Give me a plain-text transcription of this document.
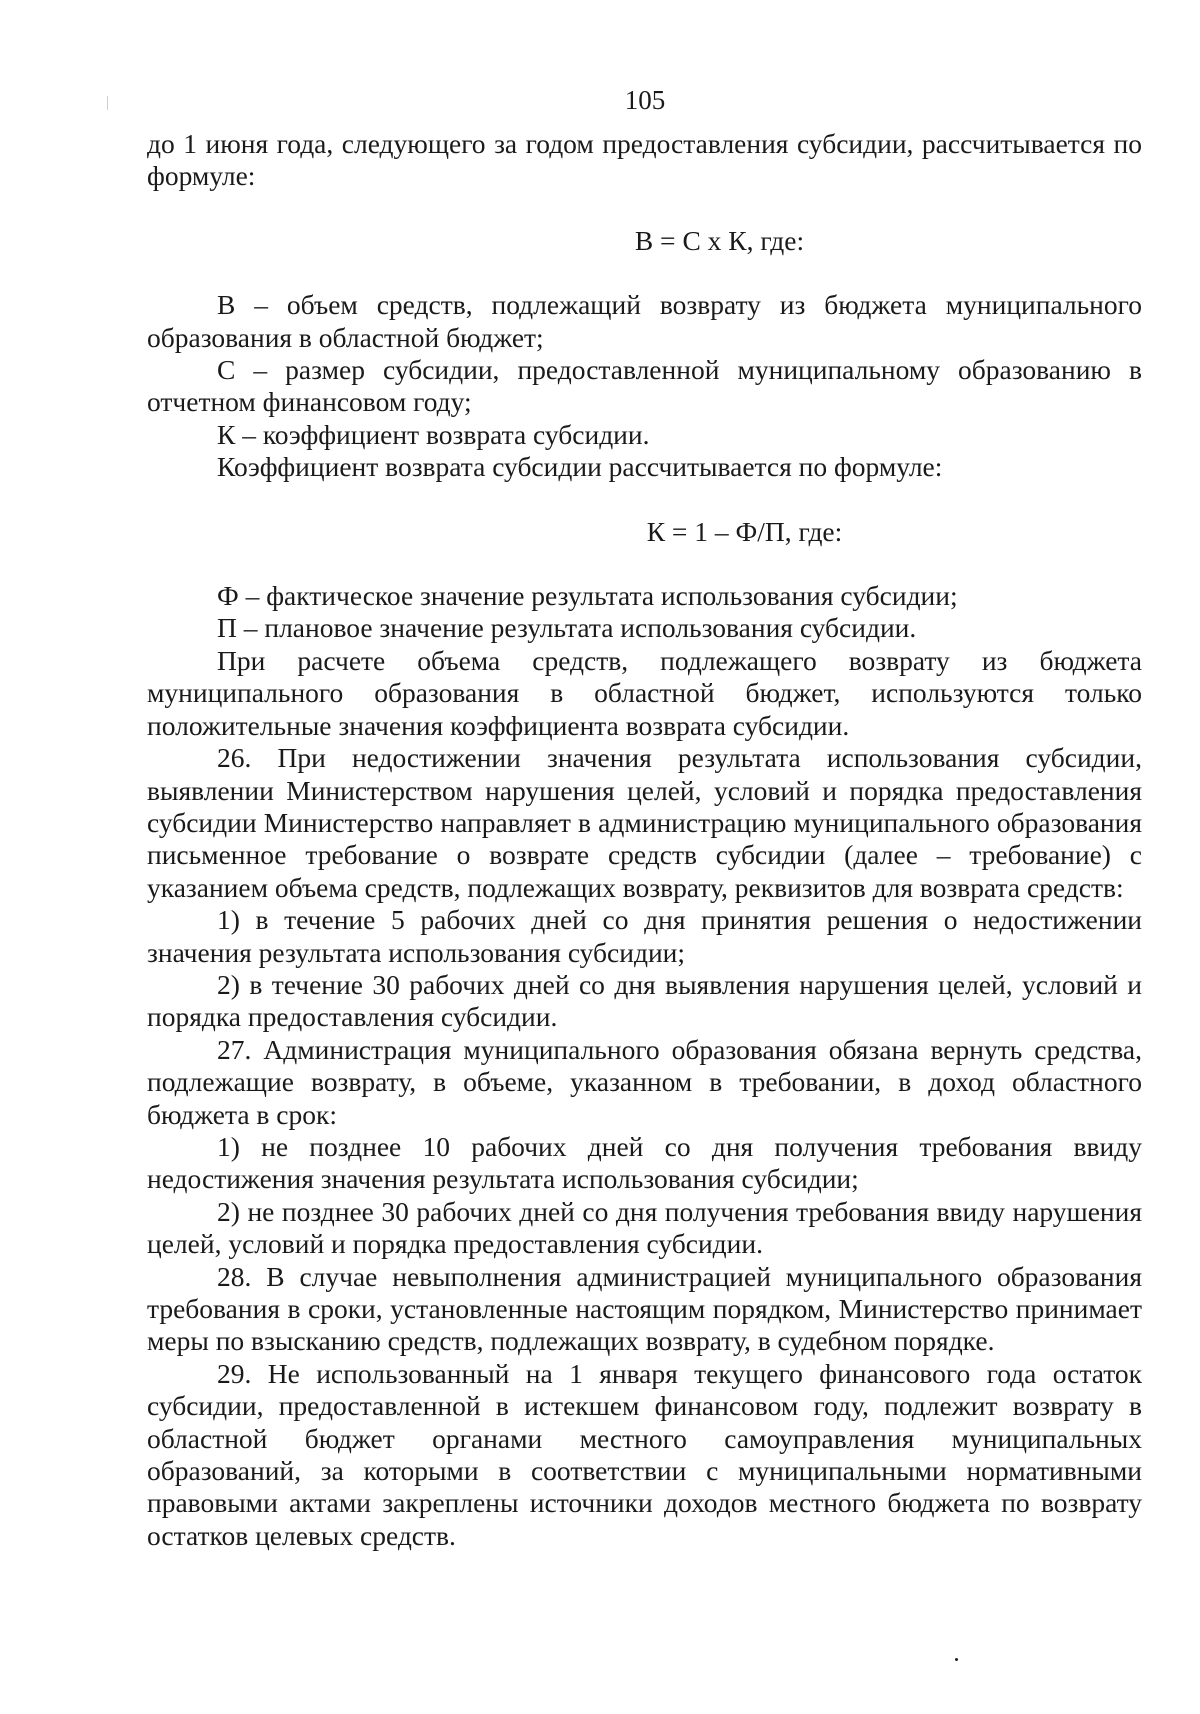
105

до 1 июня года, следующего за годом предоставления субсидии, рассчитывается по формуле:

В = С х К, где:

В – объем средств, подлежащий возврату из бюджета муниципального образования в областной бюджет;

С – размер субсидии, предоставленной муниципальному образованию в отчетном финансовом году;

К – коэффициент возврата субсидии.

Коэффициент возврата субсидии рассчитывается по формуле:

К = 1 – Ф/П, где:

Ф – фактическое значение результата использования субсидии;

П – плановое значение результата использования субсидии.

При расчете объема средств, подлежащего возврату из бюджета муниципального образования в областной бюджет, используются только положительные значения коэффициента возврата субсидии.

26. При недостижении значения результата использования субсидии, выявлении Министерством нарушения целей, условий и порядка предоставления субсидии Министерство направляет в администрацию муниципального образования письменное требование о возврате средств субсидии (далее – требование) с указанием объема средств, подлежащих возврату, реквизитов для возврата средств:

1) в течение 5 рабочих дней со дня принятия решения о недостижении значения результата использования субсидии;

2) в течение 30 рабочих дней со дня выявления нарушения целей, условий и порядка предоставления субсидии.

27. Администрация муниципального образования обязана вернуть средства, подлежащие возврату, в объеме, указанном в требовании, в доход областного бюджета в срок:

1) не позднее 10 рабочих дней со дня получения требования ввиду недостижения значения результата использования субсидии;

2) не позднее 30 рабочих дней со дня получения требования ввиду нарушения целей, условий и порядка предоставления субсидии.

28. В случае невыполнения администрацией муниципального образования требования в сроки, установленные настоящим порядком, Министерство принимает меры по взысканию средств, подлежащих возврату, в судебном порядке.

29. Не использованный на 1 января текущего финансового года остаток субсидии, предоставленной в истекшем финансовом году, подлежит возврату в областной бюджет органами местного самоуправления муниципальных образований, за которыми в соответствии с муниципальными нормативными правовыми актами закреплены источники доходов местного бюджета по возврату остатков целевых средств.
